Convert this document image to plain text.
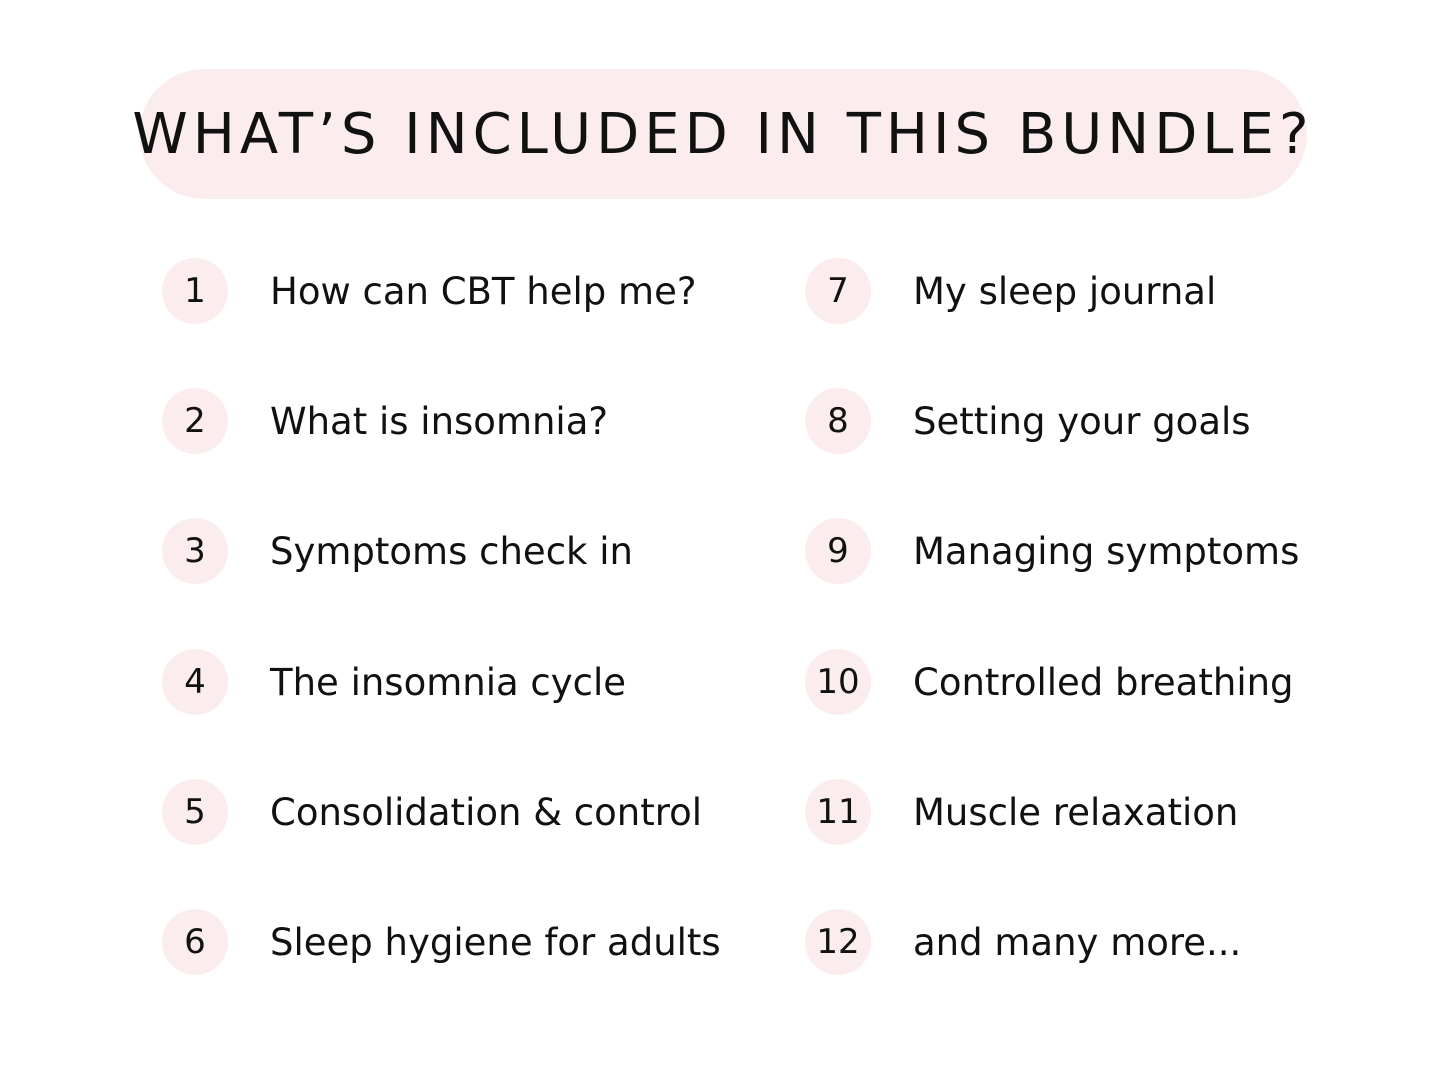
WHAT’S INCLUDED IN THIS BUNDLE?
1	How can CBT help me?
2	What is insomnia?
3	Symptoms check in
4	The insomnia cycle
5	Consolidation & control
6	Sleep hygiene for adults
7	My sleep journal
8	Setting your goals
9	Managing symptoms
10	Controlled breathing
11	Muscle relaxation
12	and many more...
